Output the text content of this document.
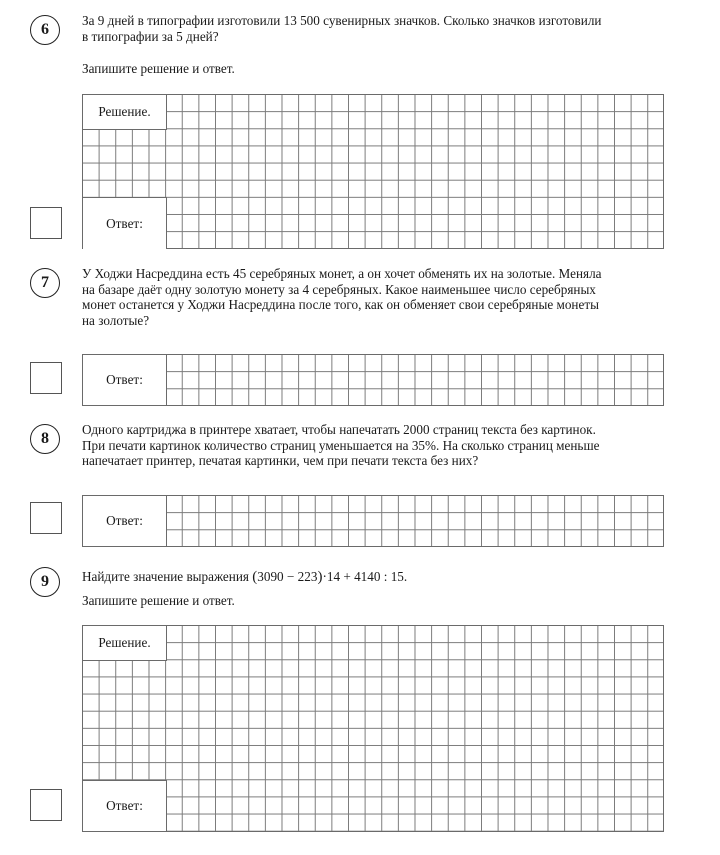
6

За 9 дней в типографии изготовили 13 500 сувенирных значков. Сколько значков изготовили

в типографии за 5 дней?

Запишите решение и ответ.
Решение.
Ответ:
7

У Ходжи Насреддина есть 45 серебряных монет, а он хочет обменять их на золотые. Меняла

на базаре даёт одну золотую монету за 4 серебряных. Какое наименьшее число серебряных

монет останется у Ходжи Насреддина после того, как он обменяет свои серебряные монеты

на золотые?

Ответ:
8

Одного картриджа в принтере хватает, чтобы напечатать 2000 страниц текста без картинок.

При печати картинок количество страниц уменьшается на 35%. На сколько страниц меньше

напечатает принтер, печатая картинки, чем при печати текста без них?

Ответ:
9	Найдите значение выражения (3090 − 223)·14 + 4140 : 15.
Запишите решение и ответ.
Решение.
Ответ:
